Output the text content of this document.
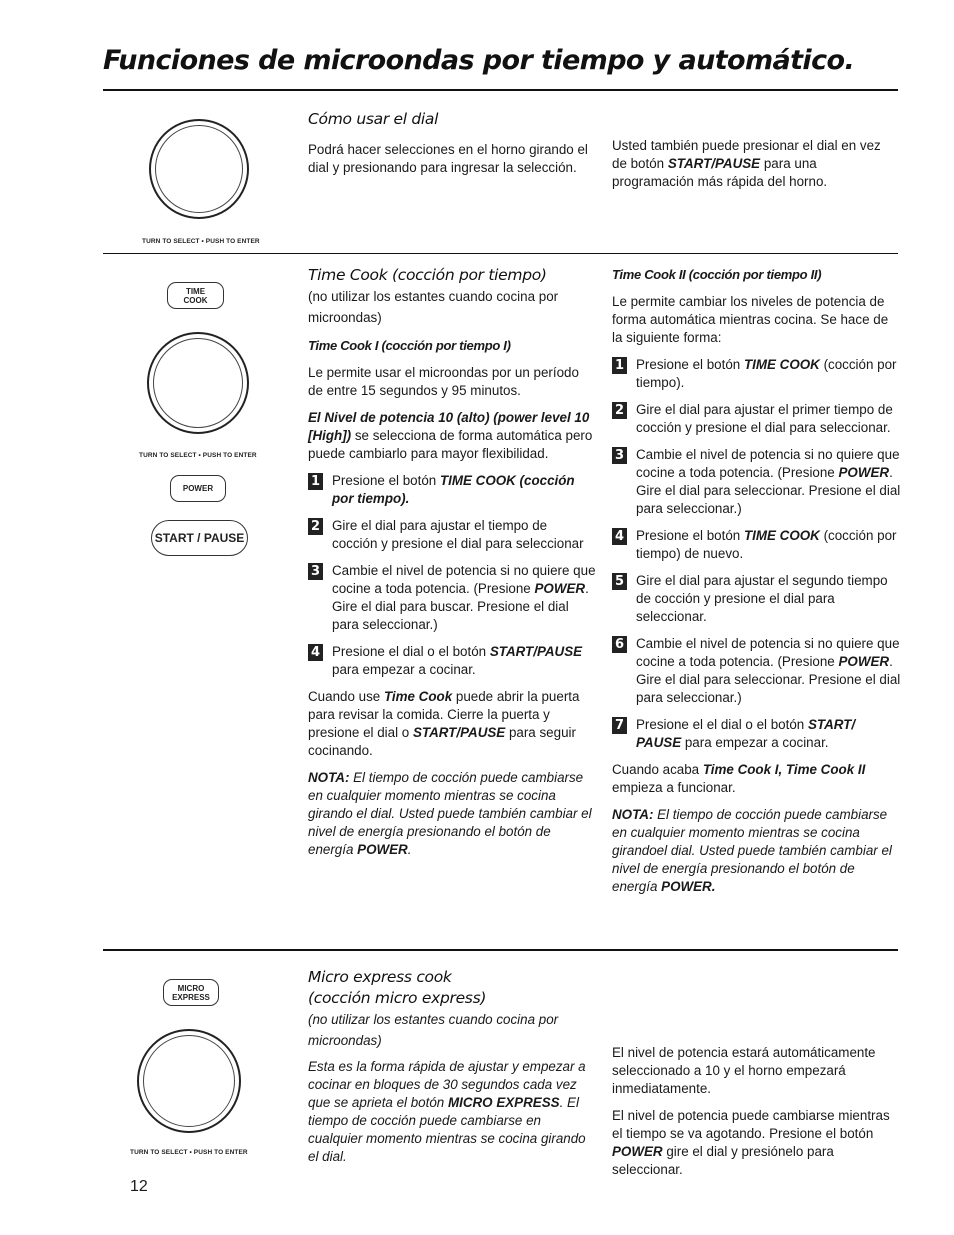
Funciones de microondas por tiempo y automático.
TURN TO SELECT • PUSH TO ENTER

Cómo usar el dial

Podrá hacer selecciones en el horno girando el dial y presionando para ingresar la selección.

Usted también puede presionar el dial en vez de botón START/PAUSE para una programación más rápida del horno.

TIME
COOK
TURN TO SELECT • PUSH TO ENTER
POWER
START / PAUSE

Time Cook (cocción por tiempo)

(no utilizar los estantes cuando cocina por microondas)

Time Cook I (cocción por tiempo I)

Le permite usar el microondas por un período de entre 15 segundos y 95 minutos.

El Nivel de potencia 10 (alto) (power level 10 [High]) se selecciona de forma automática pero puede cambiarlo para mayor flexibilidad.

1 Presione el botón TIME COOK (cocción por tiempo).
2 Gire el dial para ajustar el tiempo de cocción y presione el dial para seleccionar
3 Cambie el nivel de potencia si no quiere que cocine a toda potencia. (Presione POWER. Gire el dial para buscar. Presione el dial para seleccionar.)
4 Presione el dial o el botón START/PAUSE para empezar a cocinar.

Cuando use Time Cook puede abrir la puerta para revisar la comida. Cierre la puerta y presione el dial o START/PAUSE para seguir cocinando.

NOTA: El tiempo de cocción puede cambiarse en cualquier momento mientras se cocina girando el dial. Usted puede también cambiar el nivel de energía presionando el botón de energía POWER.

Time Cook II (cocción por tiempo II)

Le permite cambiar los niveles de potencia de forma automática mientras cocina. Se hace de la siguiente forma:

1 Presione el botón TIME COOK (cocción por tiempo).
2 Gire el dial para ajustar el primer tiempo de cocción y presione el dial para seleccionar.
3 Cambie el nivel de potencia si no quiere que cocine a toda potencia. (Presione POWER. Gire el dial para seleccionar. Presione el dial para seleccionar.)
4 Presione el botón TIME COOK (cocción por tiempo) de nuevo.
5 Gire el dial para ajustar el segundo tiempo de cocción y presione el dial para seleccionar.
6 Cambie el nivel de potencia si no quiere que cocine a toda potencia. (Presione POWER. Gire el dial para seleccionar. Presione el dial para seleccionar.)
7 Presione el el dial o el botón START/ PAUSE para empezar a cocinar.

Cuando acaba Time Cook I, Time Cook II empieza a funcionar.

NOTA: El tiempo de cocción puede cambiarse en cualquier momento mientras se cocina girandoel dial. Usted puede también cambiar el nivel de energía presionando el botón de energía POWER.

MICRO
EXPRESS
TURN TO SELECT • PUSH TO ENTER

Micro express cook

(cocción micro express)

(no utilizar los estantes cuando cocina por microondas)

Esta es la forma rápida de ajustar y empezar a cocinar en bloques de 30 segundos cada vez que se aprieta el botón MICRO EXPRESS. El tiempo de cocción puede cambiarse en cualquier momento mientras se cocina girando el dial.

El nivel de potencia estará automáticamente seleccionado a 10 y el horno empezará inmediatamente.

El nivel de potencia puede cambiarse mientras el tiempo se va agotando. Presione el botón POWER gire el dial y presiónelo para seleccionar.

12
